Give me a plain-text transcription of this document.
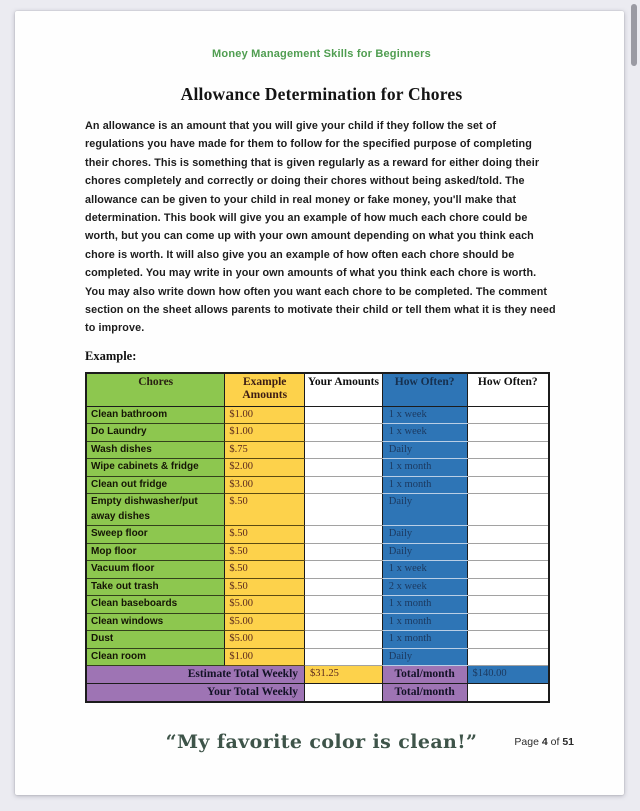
Money Management Skills for Beginners
Allowance Determination for Chores

An allowance is an amount that you will give your child if they follow the set of regulations you have made for them to follow for the specified purpose of completing their chores. This is something that is given regularly as a reward for either doing their chores completely and correctly or doing their chores without being asked/told. The allowance can be given to your child in real money or fake money, you'll make that determination. This book will give you an example of how much each chore could be worth, but you can come up with your own amount depending on what you think each chore is worth. It will also give you an example of how often each chore should be completed. You may write in your own amounts of what you think each chore is worth. You may also write down how often you want each chore to be completed. The comment section on the sheet allows parents to motivate their child or tell them what it is they need to improve.

Example:
Chores	Example Amounts	Your Amounts	How Often?	How Often?
Clean bathroom	$1.00		1 x week	
Do Laundry	$1.00		1 x week	
Wash dishes	$.75		Daily	
Wipe cabinets & fridge	$2.00		1 x month	
Clean out fridge	$3.00		1 x month	
Empty dishwasher/put away dishes	$.50		Daily	
Sweep floor	$.50		Daily	
Mop floor	$.50		Daily	
Vacuum floor	$.50		1 x week	
Take out trash	$.50		2 x week	
Clean baseboards	$5.00		1 x month	
Clean windows	$5.00		1 x month	
Dust	$5.00		1 x month	
Clean room	$1.00		Daily	
Estimate Total Weekly		$31.25	Total/month	$140.00
Your Total Weekly			Total/month	
“My favorite color is clean!”	Page 4 of 51
